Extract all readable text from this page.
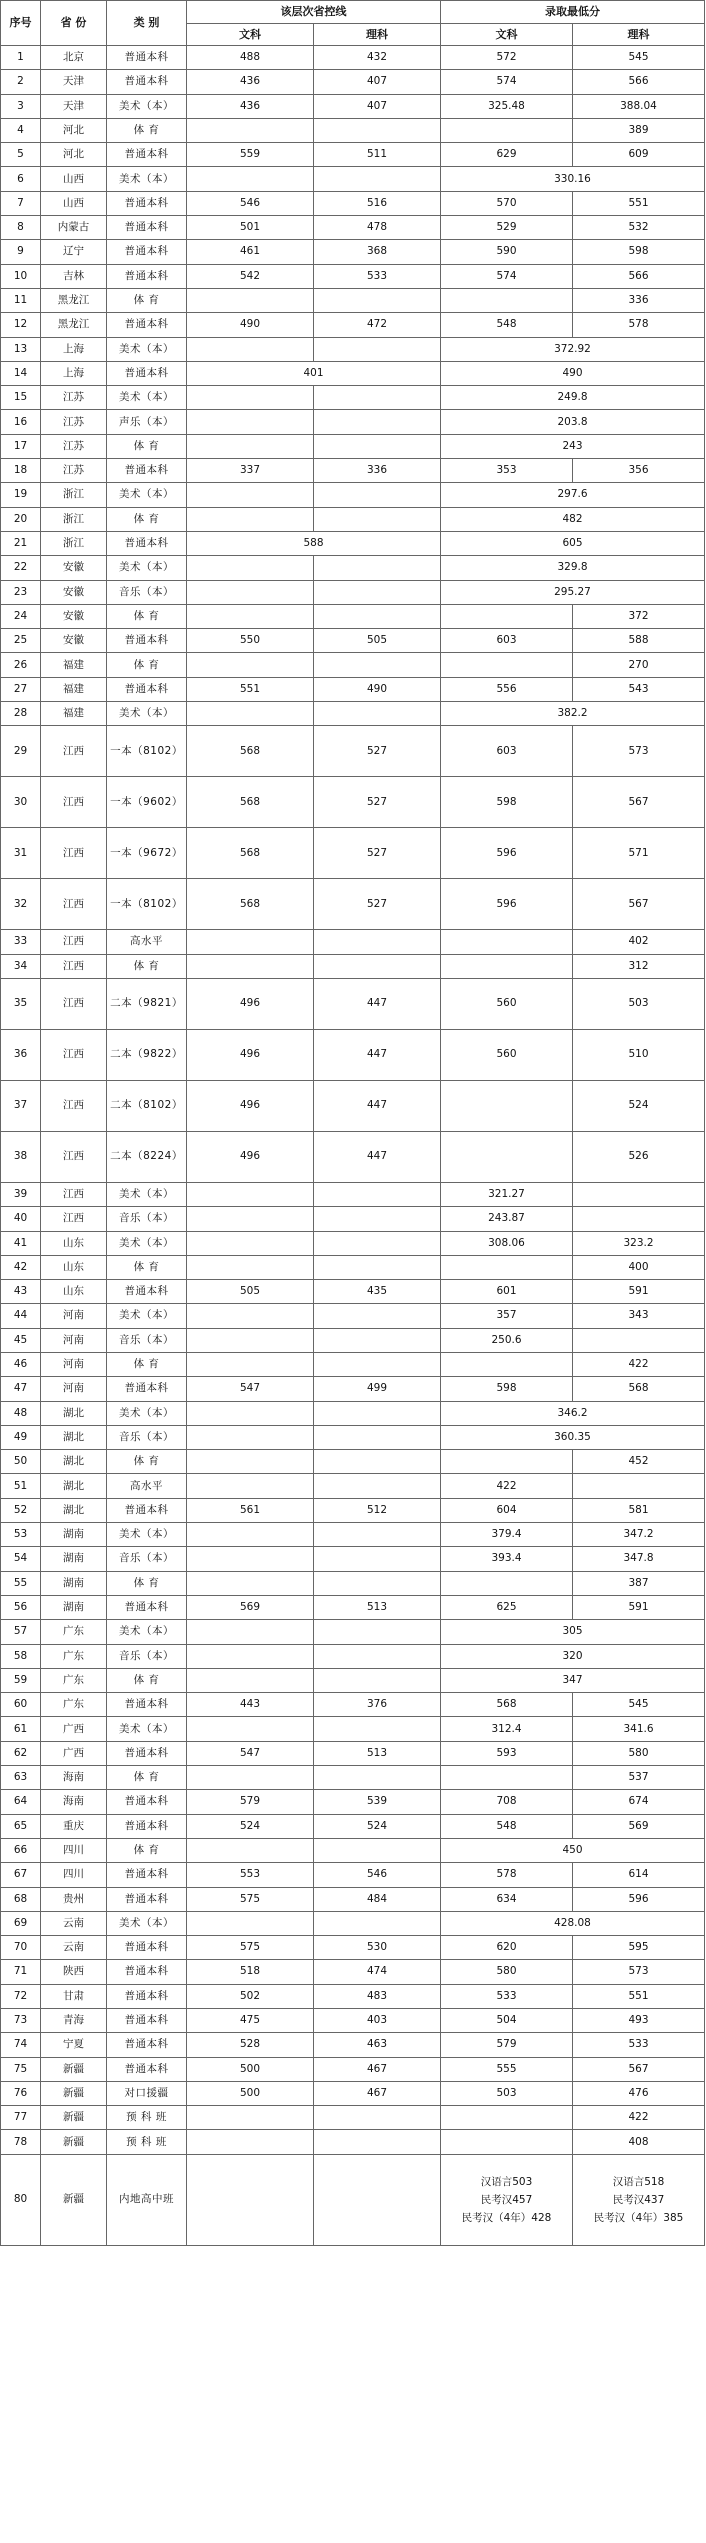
序号	省 份	类 别	该层次省控线		录取最低分	
			文科	理科	文科	理科
1	北京	普通本科	488	432	572	545
2	天津	普通本科	436	407	574	566
3	天津	美术（本）	436	407	325.48	388.04
4	河北	体 育				389
5	河北	普通本科	559	511	629	609
6	山西	美术（本）			330.16	
7	山西	普通本科	546	516	570	551
8	内蒙古	普通本科	501	478	529	532
9	辽宁	普通本科	461	368	590	598
10	吉林	普通本科	542	533	574	566
11	黑龙江	体 育				336
12	黑龙江	普通本科	490	472	548	578
13	上海	美术（本）			372.92	
14	上海	普通本科	401		490	
15	江苏	美术（本）			249.8	
16	江苏	声乐（本）			203.8	
17	江苏	体 育			243	
18	江苏	普通本科	337	336	353	356
19	浙江	美术（本）			297.6	
20	浙江	体 育			482	
21	浙江	普通本科	588		605	
22	安徽	美术（本）			329.8	
23	安徽	音乐（本）			295.27	
24	安徽	体 育				372
25	安徽	普通本科	550	505	603	588
26	福建	体 育				270
27	福建	普通本科	551	490	556	543
28	福建	美术（本）			382.2	
29	江西	一本（8102）	568	527	603	573
30	江西	一本（9602）	568	527	598	567
31	江西	一本（9672）	568	527	596	571
32	江西	一本（8102）	568	527	596	567
33	江西	高水平				402
34	江西	体 育				312
35	江西	二本（9821）	496	447	560	503
36	江西	二本（9822）	496	447	560	510
37	江西	二本（8102）	496	447		524
38	江西	二本（8224）	496	447		526
39	江西	美术（本）			321.27	
40	江西	音乐（本）			243.87	
41	山东	美术（本）			308.06	323.2
42	山东	体 育				400
43	山东	普通本科	505	435	601	591
44	河南	美术（本）			357	343
45	河南	音乐（本）			250.6	
46	河南	体 育				422
47	河南	普通本科	547	499	598	568
48	湖北	美术（本）			346.2	
49	湖北	音乐（本）			360.35	
50	湖北	体 育				452
51	湖北	高水平			422	
52	湖北	普通本科	561	512	604	581
53	湖南	美术（本）			379.4	347.2
54	湖南	音乐（本）			393.4	347.8
55	湖南	体 育				387
56	湖南	普通本科	569	513	625	591
57	广东	美术（本）			305	
58	广东	音乐（本）			320	
59	广东	体 育			347	
60	广东	普通本科	443	376	568	545
61	广西	美术（本）			312.4	341.6
62	广西	普通本科	547	513	593	580
63	海南	体 育				537
64	海南	普通本科	579	539	708	674
65	重庆	普通本科	524	524	548	569
66	四川	体 育			450	
67	四川	普通本科	553	546	578	614
68	贵州	普通本科	575	484	634	596
69	云南	美术（本）			428.08	
70	云南	普通本科	575	530	620	595
71	陕西	普通本科	518	474	580	573
72	甘肃	普通本科	502	483	533	551
73	青海	普通本科	475	403	504	493
74	宁夏	普通本科	528	463	579	533
75	新疆	普通本科	500	467	555	567
76	新疆	对口援疆	500	467	503	476
77	新疆	预 科 班				422
78	新疆	预 科 班				408
80	新疆	内地高中班			汉语言503
民考汉457
民考汉（4年）428	汉语言518
民考汉437
民考汉（4年）385
